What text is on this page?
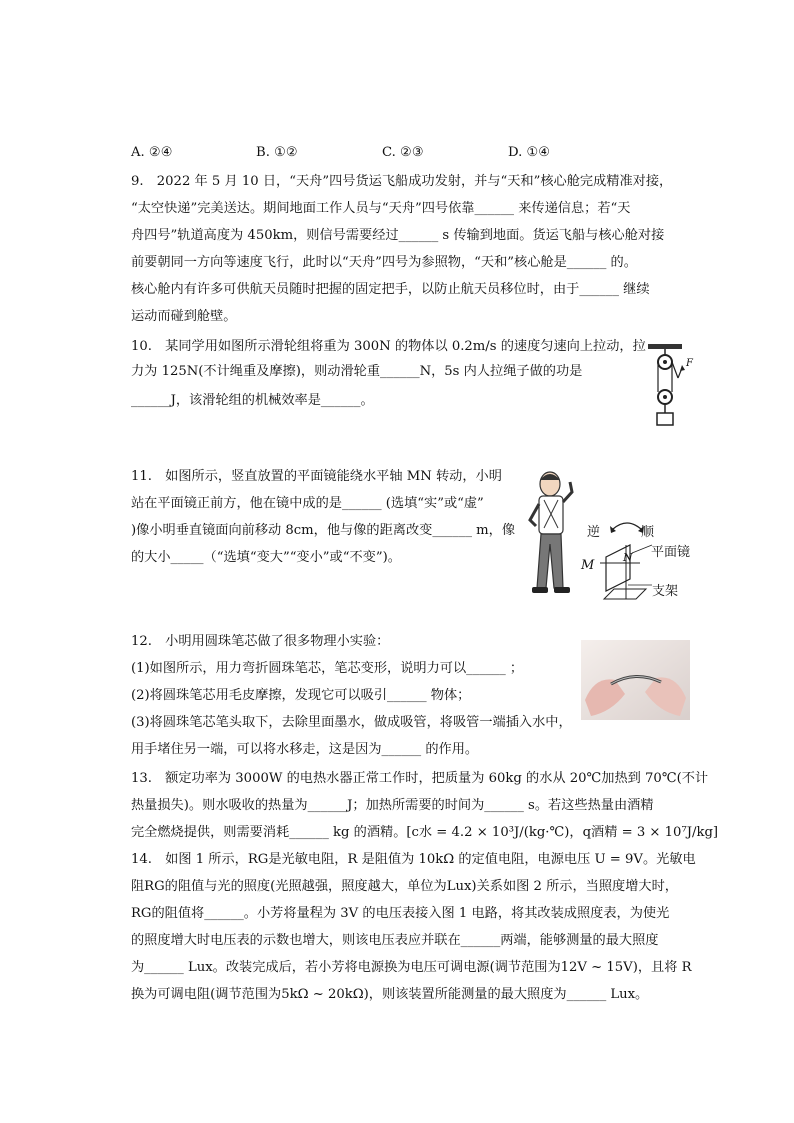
A. ②④	B. ①②	C. ②③	D. ①④
9.　2022 年 5 月 10 日，“天舟”四号货运飞船成功发射，并与“天和”核心舱完成精准对接，
“太空快递”完美送达。期间地面工作人员与“天舟”四号依靠______ 来传递信息；若“天
舟四号”轨道高度为 450km，则信号需要经过______ s 传输到地面。货运飞船与核心舱对接
前要朝同一方向等速度飞行，此时以“天舟”四号为参照物，“天和”核心舱是______ 的。
核心舱内有许多可供航天员随时把握的固定把手，以防止航天员移位时，由于______ 继续
运动而碰到舱壁。
10.　某同学用如图所示滑轮组将重为 300N 的物体以 0.2m/s 的速度匀速向上拉动，拉
力为 125N(不计绳重及摩擦)，则动滑轮重______N，5s 内人拉绳子做的功是
______J，该滑轮组的机械效率是______。
F
11.　如图所示，竖直放置的平面镜能绕水平轴 MN 转动，小明
站在平面镜正前方，他在镜中成的是______ (选填“实”或“虚”
)像小明垂直镜面向前移动 8cm，他与像的距离改变______ m，像
的大小_____（“选填“变大”“变小”或“不变”)。
逆	顺
平面镜
M
N
支架
12.　小明用圆珠笔芯做了很多物理小实验：
(1)如图所示，用力弯折圆珠笔芯，笔芯变形，说明力可以______ ；
(2)将圆珠笔芯用毛皮摩擦，发现它可以吸引______ 物体；
(3)将圆珠笔芯笔头取下，去除里面墨水，做成吸管，将吸管一端插入水中，
用手堵住另一端，可以将水移走，这是因为______ 的作用。
13.　额定功率为 3000W 的电热水器正常工作时，把质量为 60kg 的水从 20℃加热到 70℃(不计
热量损失)。则水吸收的热量为______J；加热所需要的时间为______ s。若这些热量由酒精
完全燃烧提供，则需要消耗______ kg 的酒精。[c水 = 4.2 × 10³J/(kg·℃)，q酒精 = 3 × 10⁷J/kg]
14.　如图 1 所示，RG是光敏电阻，R 是阻值为 10kΩ 的定值电阻，电源电压 U = 9V。光敏电
阻RG的阻值与光的照度(光照越强，照度越大，单位为Lux)关系如图 2 所示，当照度增大时，
RG的阻值将______。小芳将量程为 3V 的电压表接入图 1 电路，将其改装成照度表，为使光
的照度增大时电压表的示数也增大，则该电压表应并联在______两端，能够测量的最大照度
为______ Lux。改装完成后，若小芳将电源换为电压可调电源(调节范围为12V ~ 15V)，且将 R
换为可调电阻(调节范围为5kΩ ~ 20kΩ)，则该装置所能测量的最大照度为______ Lux。
